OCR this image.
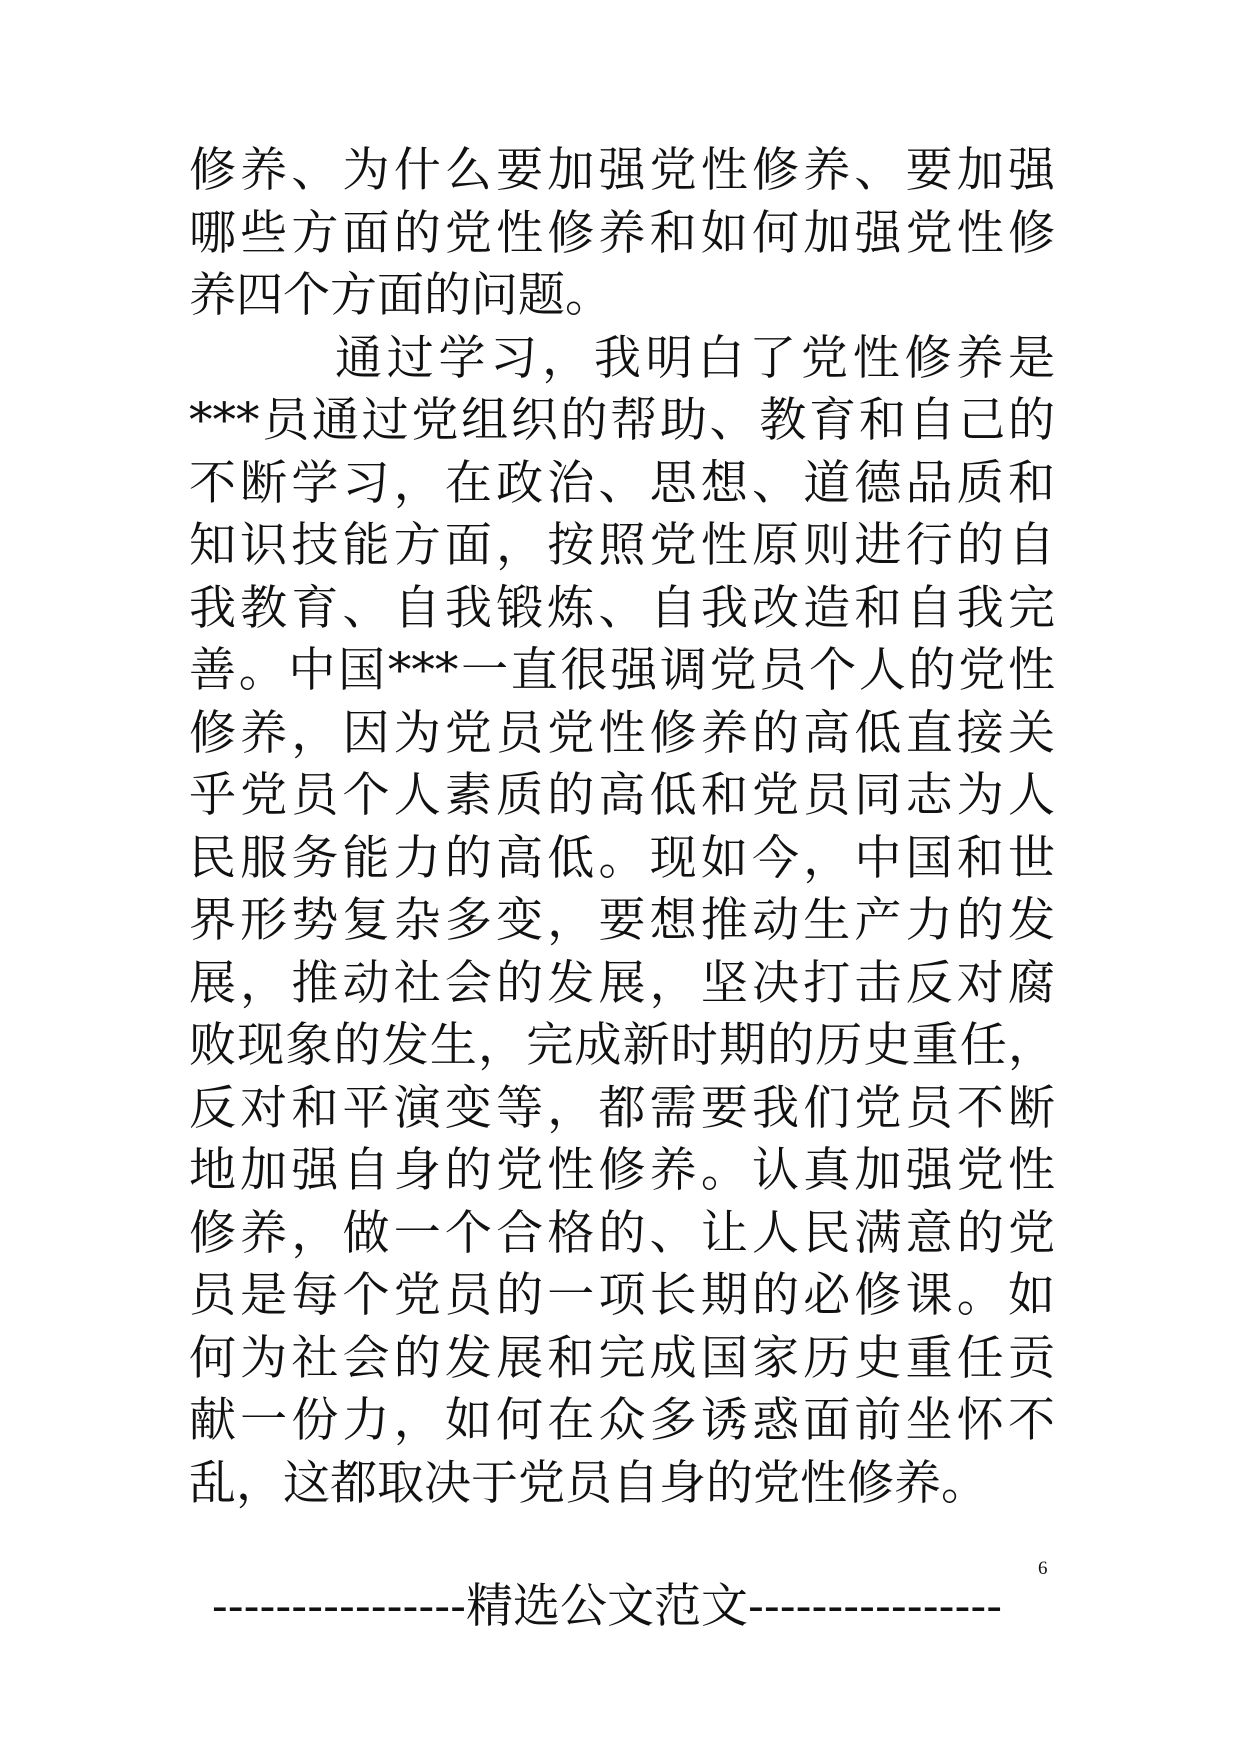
修养、为什么要加强党性修养、要加强
哪些方面的党性修养和如何加强党性修
养四个方面的问题。
通过学习，我明白了党性修养是
***员通过党组织的帮助、教育和自己的
不断学习，在政治、思想、道德品质和
知识技能方面，按照党性原则进行的自
我教育、自我锻炼、自我改造和自我完
善。中国***一直很强调党员个人的党性
修养，因为党员党性修养的高低直接关
乎党员个人素质的高低和党员同志为人
民服务能力的高低。现如今，中国和世
界形势复杂多变，要想推动生产力的发
展，推动社会的发展，坚决打击反对腐
败现象的发生，完成新时期的历史重任，
反对和平演变等，都需要我们党员不断
地加强自身的党性修养。认真加强党性
修养，做一个合格的、让人民满意的党
员是每个党员的一项长期的必修课。如
何为社会的发展和完成国家历史重任贡
献一份力，如何在众多诱惑面前坐怀不
乱，这都取决于党员自身的党性修养。
----------------精选公文范文----------------
6
